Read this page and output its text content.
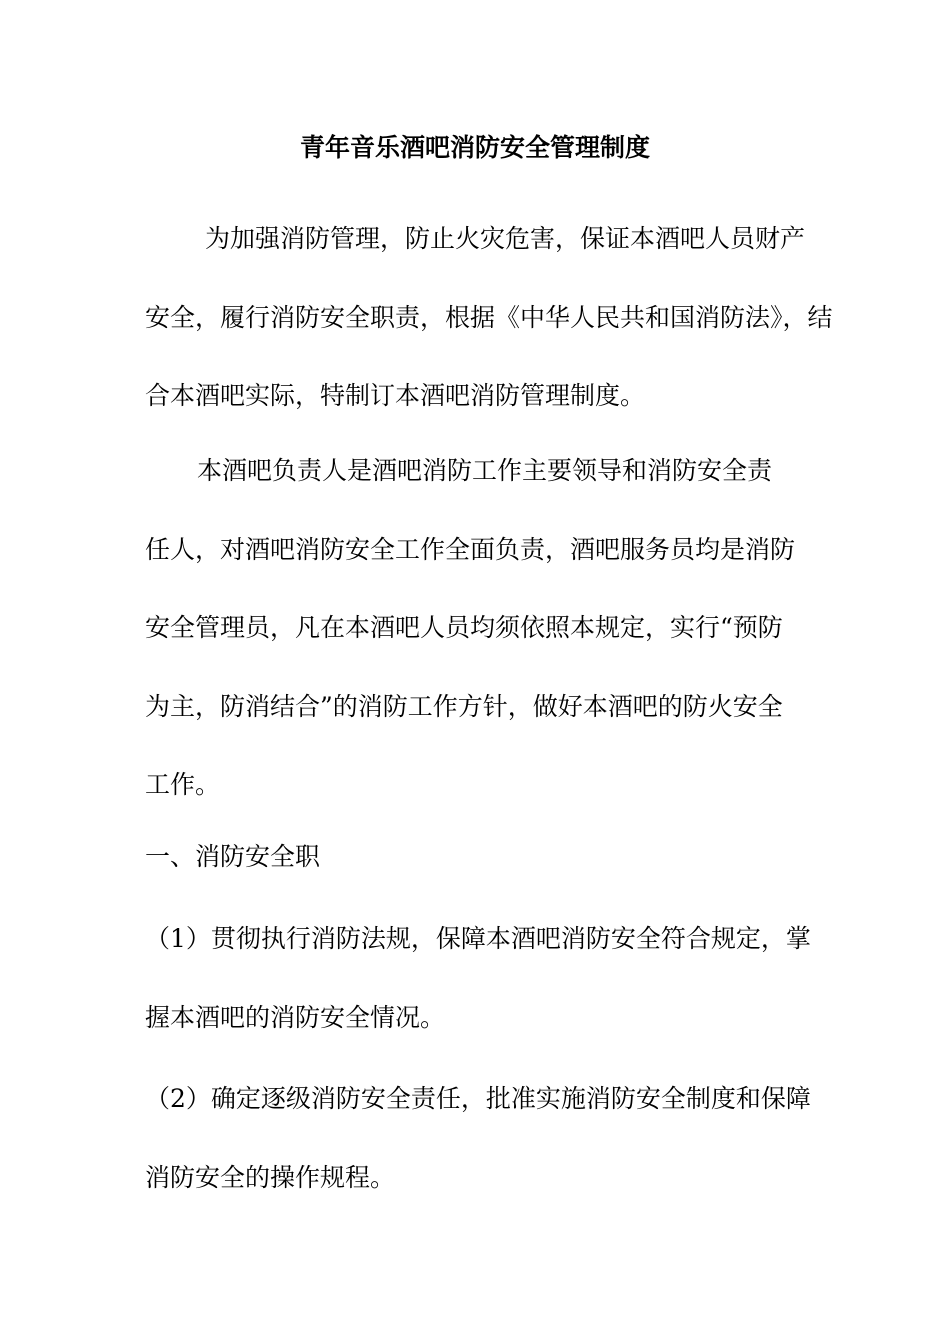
青年音乐酒吧消防安全管理制度
为加强消防管理，防止火灾危害，保证本酒吧人员财产
安全，履行消防安全职责，根据《中华人民共和国消防法》，结
合本酒吧实际，特制订本酒吧消防管理制度。
本酒吧负责人是酒吧消防工作主要领导和消防安全责
任人，对酒吧消防安全工作全面负责，酒吧服务员均是消防
安全管理员，凡在本酒吧人员均须依照本规定，实行“预防
为主，防消结合”的消防工作方针，做好本酒吧的防火安全
工作。
一、消防安全职
（1）贯彻执行消防法规，保障本酒吧消防安全符合规定，掌
握本酒吧的消防安全情况。
（2）确定逐级消防安全责任，批准实施消防安全制度和保障
消防安全的操作规程。
